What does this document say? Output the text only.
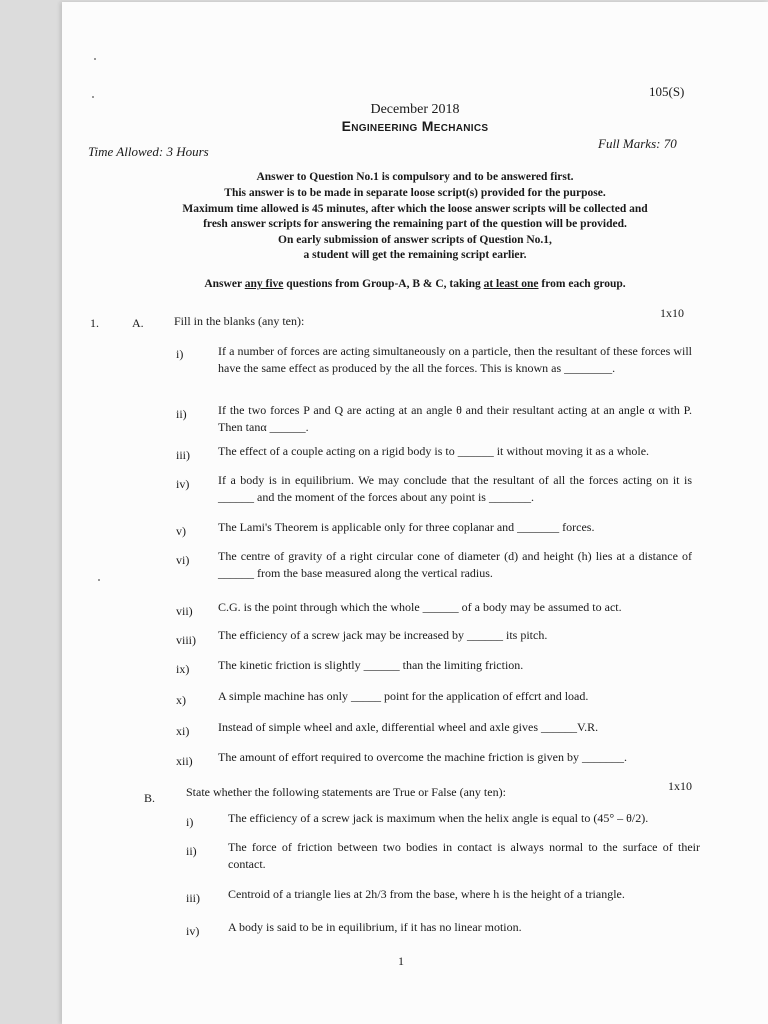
105(S)
December 2018
Engineering Mechanics
Time Allowed: 3 Hours
Full Marks: 70
Answer to Question No.1 is compulsory and to be answered first.
This answer is to be made in separate loose script(s) provided for the purpose.
Maximum time allowed is 45 minutes, after which the loose answer scripts will be collected and
fresh answer scripts for answering the remaining part of the question will be provided.
On early submission of answer scripts of Question No.1,
a student will get the remaining script earlier.
Answer any five questions from Group-A, B & C, taking at least one from each group.
1.	A.	Fill in the blanks (any ten):
1x10
i)	If a number of forces are acting simultaneously on a particle, then the resultant of these forces will have the same effect as produced by the all the forces. This is known as ________.
ii)	If the two forces P and Q are acting at an angle θ and their resultant acting at an angle α with P. Then tanα ______.
iii)	The effect of a couple acting on a rigid body is to ______ it without moving it as a whole.
iv)	If a body is in equilibrium. We may conclude that the resultant of all the forces acting on it is ______ and the moment of the forces about any point is _______.
v)	The Lami's Theorem is applicable only for three coplanar and _______ forces.
vi)	The centre of gravity of a right circular cone of diameter (d) and height (h) lies at a distance of ______ from the base measured along the vertical radius.
vii)	C.G. is the point through which the whole ______ of a body may be assumed to act.
viii)	The efficiency of a screw jack may be increased by ______ its pitch.
ix)	The kinetic friction is slightly ______ than the limiting friction.
x)	A simple machine has only _____ point for the application of effcrt and load.
xi)	Instead of simple wheel and axle, differential wheel and axle gives ______V.R.
xii)	The amount of effort required to overcome the machine friction is given by _______.
B.	State whether the following statements are True or False (any ten):	1x10
i)	The efficiency of a screw jack is maximum when the helix angle is equal to (45° – θ/2).
ii)	The force of friction between two bodies in contact is always normal to the surface of their contact.
iii)	Centroid of a triangle lies at 2h/3 from the base, where h is the height of a triangle.
iv)	A body is said to be in equilibrium, if it has no linear motion.
1
